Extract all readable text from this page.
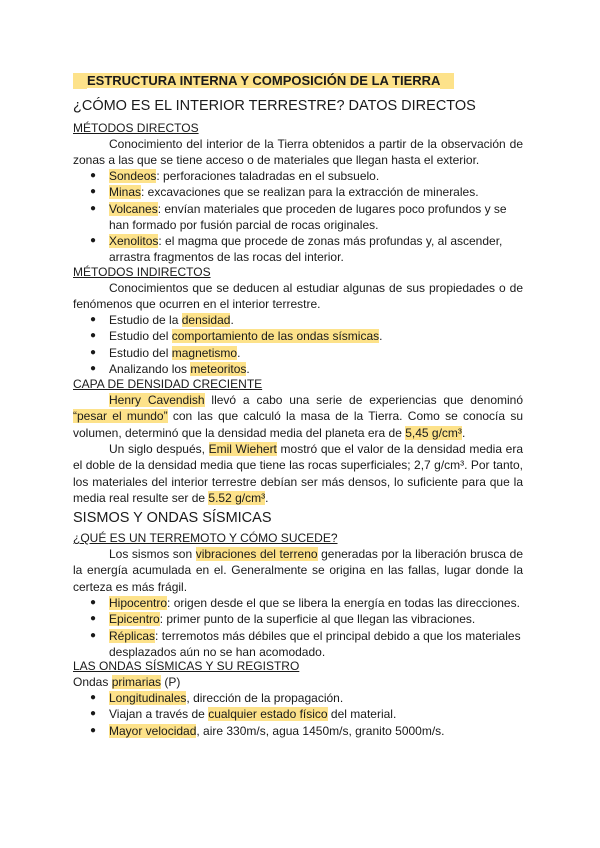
ESTRUCTURA INTERNA Y COMPOSICIÓN DE LA TIERRA
¿CÓMO ES EL INTERIOR TERRESTRE? DATOS DIRECTOS
MÉTODOS DIRECTOS
Conocimiento del interior de la Tierra obtenidos a partir de la observación de zonas a las que se tiene acceso o de materiales que llegan hasta el exterior.
● Sondeos: perforaciones taladradas en el subsuelo.
● Minas: excavaciones que se realizan para la extracción de minerales.
● Volcanes: envían materiales que proceden de lugares poco profundos y se han formado por fusión parcial de rocas originales.
● Xenolitos: el magma que procede de zonas más profundas y, al ascender, arrastra fragmentos de las rocas del interior.
MÉTODOS INDIRECTOS
Conocimientos que se deducen al estudiar algunas de sus propiedades o de fenómenos que ocurren en el interior terrestre.
● Estudio de la densidad.
● Estudio del comportamiento de las ondas sísmicas.
● Estudio del magnetismo.
● Analizando los meteoritos.
CAPA DE DENSIDAD CRECIENTE
Henry Cavendish llevó a cabo una serie de experiencias que denominó “pesar el mundo” con las que calculó la masa de la Tierra. Como se conocía su volumen, determinó que la densidad media del planeta era de 5,45 g/cm³.
Un siglo después, Emil Wiehert mostró que el valor de la densidad media era el doble de la densidad media que tiene las rocas superficiales; 2,7 g/cm³. Por tanto, los materiales del interior terrestre debían ser más densos, lo suficiente para que la media real resulte ser de 5.52 g/cm³.
SISMOS Y ONDAS SÍSMICAS
¿QUÉ ES UN TERREMOTO Y CÓMO SUCEDE?
Los sismos son vibraciones del terreno generadas por la liberación brusca de la energía acumulada en el. Generalmente se origina en las fallas, lugar donde la certeza es más frágil.
● Hipocentro: origen desde el que se libera la energía en todas las direcciones.
● Epicentro: primer punto de la superficie al que llegan las vibraciones.
● Réplicas: terremotos más débiles que el principal debido a que los materiales desplazados aún no se han acomodado.
LAS ONDAS SÍSMICAS Y SU REGISTRO
Ondas primarias (P)
● Longitudinales, dirección de la propagación.
● Viajan a través de cualquier estado físico del material.
● Mayor velocidad, aire 330m/s, agua 1450m/s, granito 5000m/s.
